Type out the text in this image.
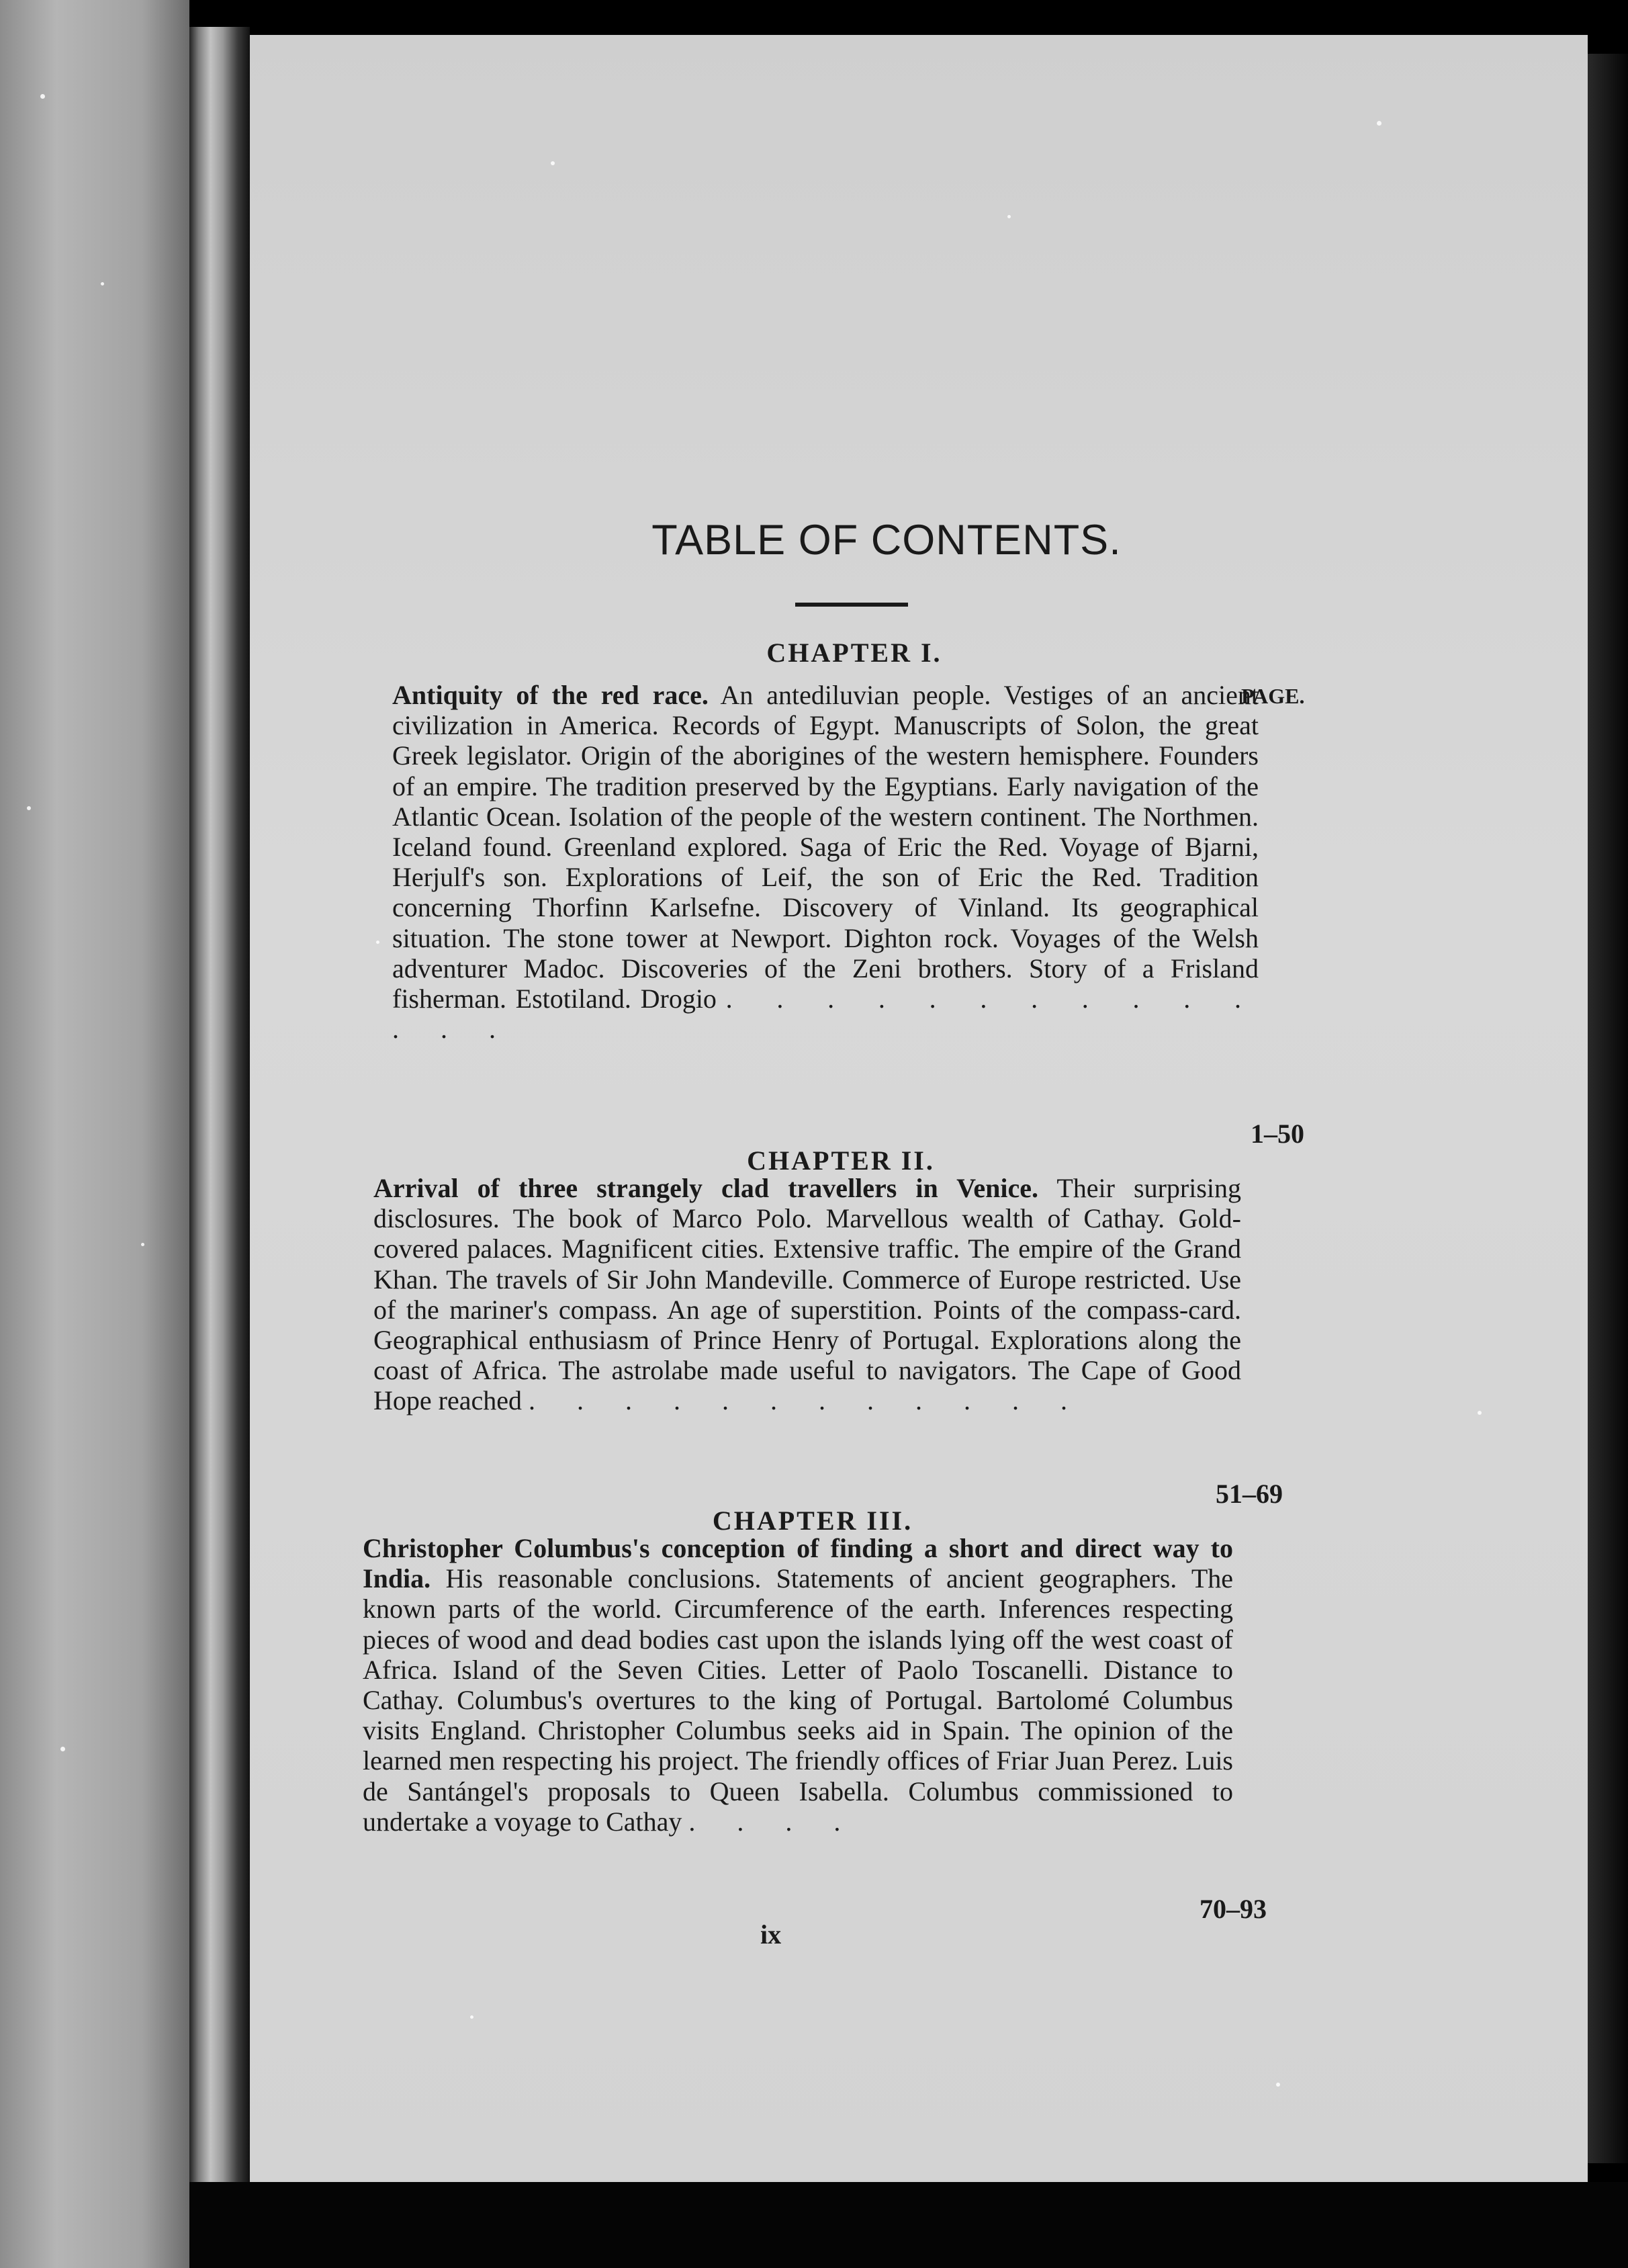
TABLE OF CONTENTS.
CHAPTER I.
PAGE.

Antiquity of the red race. An antediluvian people. Vestiges of an ancient civilization in America. Records of Egypt. Manuscripts of Solon, the great Greek legislator. Origin of the aborigines of the western hemisphere. Founders of an empire. The tradition preserved by the Egyptians. Early navigation of the Atlantic Ocean. Isolation of the people of the western continent. The Northmen. Iceland found. Greenland explored. Saga of Eric the Red. Voyage of Bjarni, Herjulf's son. Explorations of Leif, the son of Eric the Red. Tradition concerning Thorfinn Karlsefne. Discovery of Vinland. Its geographical situation. The stone tower at Newport. Dighton rock. Voyages of the Welsh adventurer Madoc. Discoveries of the Zeni brothers. Story of a Frisland fisherman. Estotiland. Drogio . . . . . . . . . . . . . .

1–50
CHAPTER II.

Arrival of three strangely clad travellers in Venice. Their surprising disclosures. The book of Marco Polo. Marvellous wealth of Cathay. Gold-covered palaces. Magnificent cities. Extensive traffic. The empire of the Grand Khan. The travels of Sir John Mandeville. Commerce of Europe restricted. Use of the mariner's compass. An age of superstition. Points of the compass-card. Geographical enthusiasm of Prince Henry of Portugal. Explorations along the coast of Africa. The astrolabe made useful to navigators. The Cape of Good Hope reached . . . . . . . . . . . .

51–69
CHAPTER III.

Christopher Columbus's conception of finding a short and direct way to India. His reasonable conclusions. Statements of ancient geographers. The known parts of the world. Circumference of the earth. Inferences respecting pieces of wood and dead bodies cast upon the islands lying off the west coast of Africa. Island of the Seven Cities. Letter of Paolo Toscanelli. Distance to Cathay. Columbus's overtures to the king of Portugal. Bartolomé Columbus visits England. Christopher Columbus seeks aid in Spain. The opinion of the learned men respecting his project. The friendly offices of Friar Juan Perez. Luis de Santángel's proposals to Queen Isabella. Columbus commissioned to undertake a voyage to Cathay . . . .

70–93
ix
